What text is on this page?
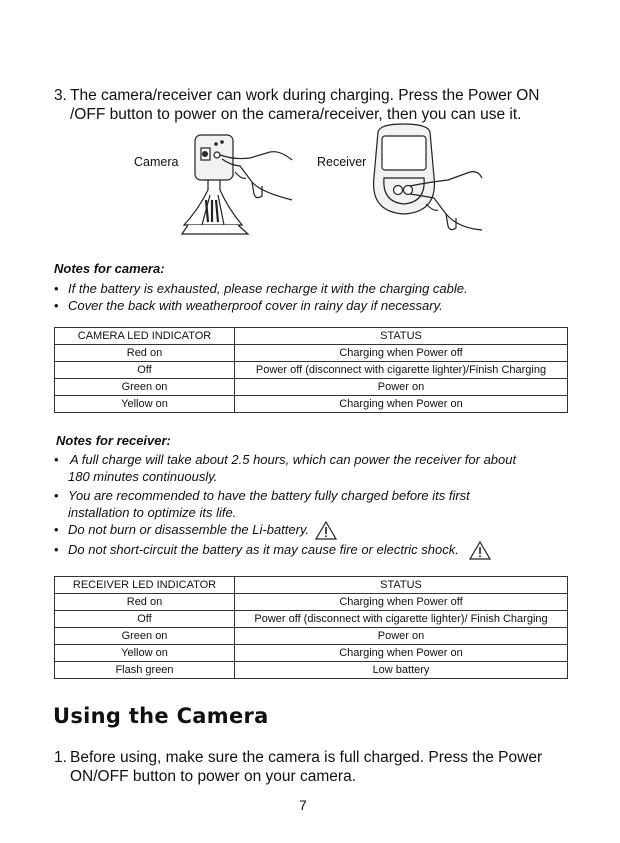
3. The camera/receiver can work during charging. Press the Power ON
/OFF button to power on the camera/receiver, then you can use it.
Camera	Receiver
Notes for camera:
• If the battery is exhausted, please recharge it with the charging cable.
• Cover the back with weatherproof cover in rainy day if necessary.
CAMERA LED INDICATOR	STATUS
Red on	Charging when Power off
Off	Power off (disconnect with cigarette lighter)/Finish Charging
Green on	Power on
Yellow on	Charging when Power on
Notes for receiver:
• A full charge will take about 2.5 hours, which can power the receiver for about
180 minutes continuously.
• You are recommended to have the battery fully charged before its first
installation to optimize its life.
• Do not burn or disassemble the Li-battery.
• Do not short-circuit the battery as it may cause fire or electric shock.
RECEIVER LED INDICATOR	STATUS
Red on	Charging when Power off
Off	Power off (disconnect with cigarette lighter)/ Finish Charging
Green on	Power on
Yellow on	Charging when Power on
Flash green	Low battery
Using the Camera
1. Before using, make sure the camera is full charged. Press the Power
ON/OFF button to power on your camera.
7
